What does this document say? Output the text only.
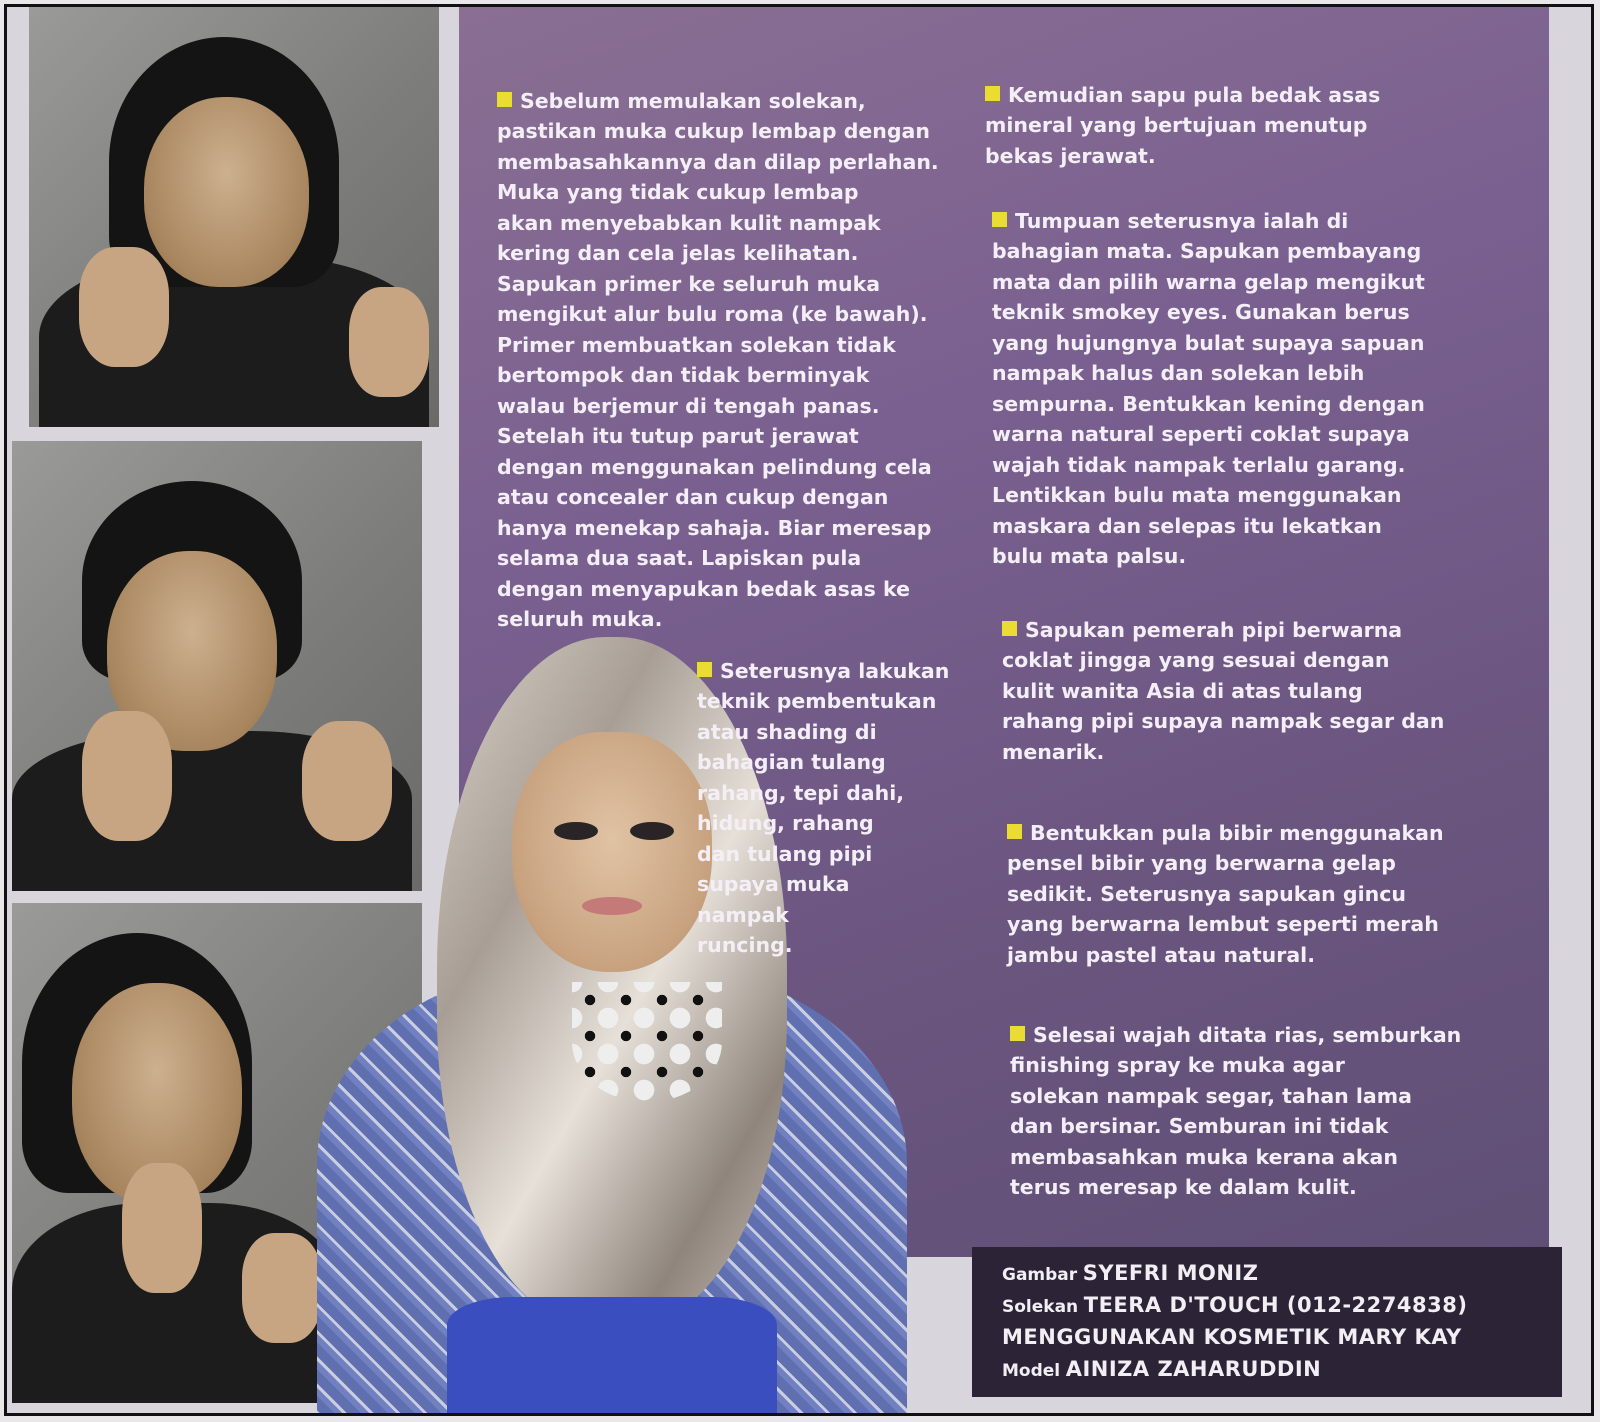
Sebelum memulakan solekan,
pastikan muka cukup lembap dengan
membasahkannya dan dilap perlahan.
Muka yang tidak cukup lembap
akan menyebabkan kulit nampak
kering dan cela jelas kelihatan.
Sapukan primer ke seluruh muka
mengikut alur bulu roma (ke bawah).
Primer membuatkan solekan tidak
bertompok dan tidak berminyak
walau berjemur di tengah panas.
Setelah itu tutup parut jerawat
dengan menggunakan pelindung cela
atau concealer dan cukup dengan
hanya menekap sahaja. Biar meresap
selama dua saat. Lapiskan pula
dengan menyapukan bedak asas ke
seluruh muka.

Seterusnya lakukan
teknik pembentukan
atau shading di
bahagian tulang
rahang, tepi dahi,
hidung, rahang
dan tulang pipi
supaya muka
nampak
runcing.

Kemudian sapu pula bedak asas
mineral yang bertujuan menutup
bekas jerawat.

Tumpuan seterusnya ialah di
bahagian mata. Sapukan pembayang
mata dan pilih warna gelap mengikut
teknik smokey eyes. Gunakan berus
yang hujungnya bulat supaya sapuan
nampak halus dan solekan lebih
sempurna. Bentukkan kening dengan
warna natural seperti coklat supaya
wajah tidak nampak terlalu garang.
Lentikkan bulu mata menggunakan
maskara dan selepas itu lekatkan
bulu mata palsu.

Sapukan pemerah pipi berwarna
coklat jingga yang sesuai dengan
kulit wanita Asia di atas tulang
rahang pipi supaya nampak segar dan
menarik.

Bentukkan pula bibir menggunakan
pensel bibir yang berwarna gelap
sedikit. Seterusnya sapukan gincu
yang berwarna lembut seperti merah
jambu pastel atau natural.

Selesai wajah ditata rias, semburkan
finishing spray ke muka agar
solekan nampak segar, tahan lama
dan bersinar. Semburan ini tidak
membasahkan muka kerana akan
terus meresap ke dalam kulit.

Gambar SYEFRI MONIZ
Solekan TEERA D'TOUCH (012-2274838)
MENGGUNAKAN KOSMETIK MARY KAY
Model AINIZA ZAHARUDDIN
